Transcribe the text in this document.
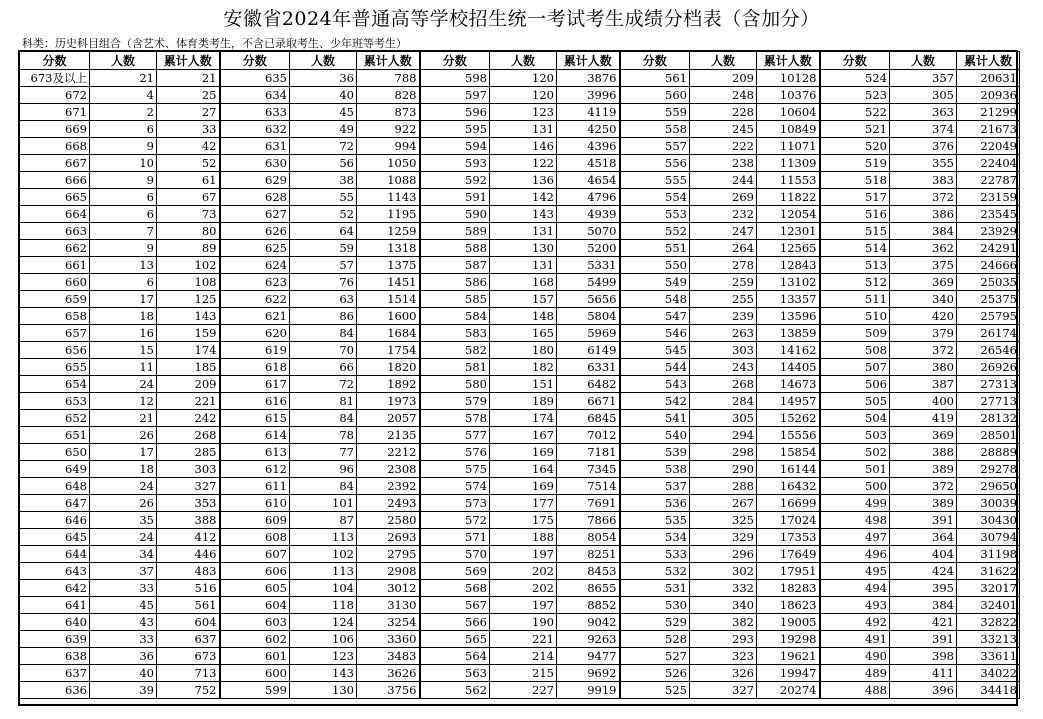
安徽省2024年普通高等学校招生统一考试考生成绩分档表（含加分）
科类：历史科目组合（含艺术、体育类考生，不含已录取考生、少年班等考生）
分数	人数	累计人数	分数	人数	累计人数	分数	人数	累计人数	分数	人数	累计人数	分数	人数	累计人数
673及以上	21	21	635	36	788	598	120	3876	561	209	10128	524	357	20631
672	4	25	634	40	828	597	120	3996	560	248	10376	523	305	20936
671	2	27	633	45	873	596	123	4119	559	228	10604	522	363	21299
669	6	33	632	49	922	595	131	4250	558	245	10849	521	374	21673
668	9	42	631	72	994	594	146	4396	557	222	11071	520	376	22049
667	10	52	630	56	1050	593	122	4518	556	238	11309	519	355	22404
666	9	61	629	38	1088	592	136	4654	555	244	11553	518	383	22787
665	6	67	628	55	1143	591	142	4796	554	269	11822	517	372	23159
664	6	73	627	52	1195	590	143	4939	553	232	12054	516	386	23545
663	7	80	626	64	1259	589	131	5070	552	247	12301	515	384	23929
662	9	89	625	59	1318	588	130	5200	551	264	12565	514	362	24291
661	13	102	624	57	1375	587	131	5331	550	278	12843	513	375	24666
660	6	108	623	76	1451	586	168	5499	549	259	13102	512	369	25035
659	17	125	622	63	1514	585	157	5656	548	255	13357	511	340	25375
658	18	143	621	86	1600	584	148	5804	547	239	13596	510	420	25795
657	16	159	620	84	1684	583	165	5969	546	263	13859	509	379	26174
656	15	174	619	70	1754	582	180	6149	545	303	14162	508	372	26546
655	11	185	618	66	1820	581	182	6331	544	243	14405	507	380	26926
654	24	209	617	72	1892	580	151	6482	543	268	14673	506	387	27313
653	12	221	616	81	1973	579	189	6671	542	284	14957	505	400	27713
652	21	242	615	84	2057	578	174	6845	541	305	15262	504	419	28132
651	26	268	614	78	2135	577	167	7012	540	294	15556	503	369	28501
650	17	285	613	77	2212	576	169	7181	539	298	15854	502	388	28889
649	18	303	612	96	2308	575	164	7345	538	290	16144	501	389	29278
648	24	327	611	84	2392	574	169	7514	537	288	16432	500	372	29650
647	26	353	610	101	2493	573	177	7691	536	267	16699	499	389	30039
646	35	388	609	87	2580	572	175	7866	535	325	17024	498	391	30430
645	24	412	608	113	2693	571	188	8054	534	329	17353	497	364	30794
644	34	446	607	102	2795	570	197	8251	533	296	17649	496	404	31198
643	37	483	606	113	2908	569	202	8453	532	302	17951	495	424	31622
642	33	516	605	104	3012	568	202	8655	531	332	18283	494	395	32017
641	45	561	604	118	3130	567	197	8852	530	340	18623	493	384	32401
640	43	604	603	124	3254	566	190	9042	529	382	19005	492	421	32822
639	33	637	602	106	3360	565	221	9263	528	293	19298	491	391	33213
638	36	673	601	123	3483	564	214	9477	527	323	19621	490	398	33611
637	40	713	600	143	3626	563	215	9692	526	326	19947	489	411	34022
636	39	752	599	130	3756	562	227	9919	525	327	20274	488	396	34418
